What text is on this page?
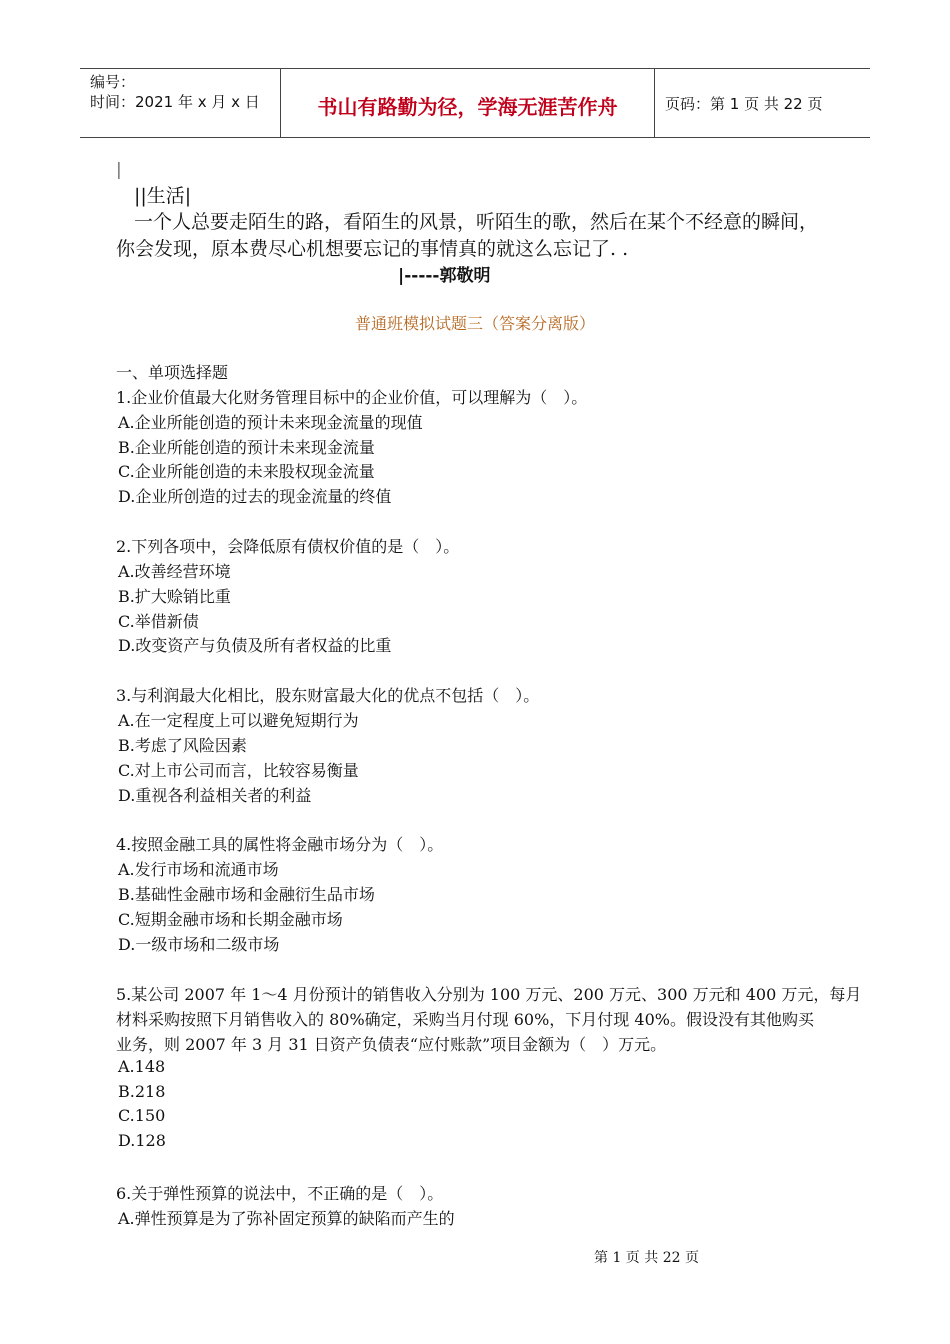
编号：
时间：2021 年 x 月 x 日	书山有路勤为径，学海无涯苦作舟	页码：第 1 页 共 22 页
|
||生活|
一个人总要走陌生的路，看陌生的风景，听陌生的歌，然后在某个不经意的瞬间，
你会发现，原本费尽心机想要忘记的事情真的就这么忘记了. .
|-----郭敬明
普通班模拟试题三（答案分离版）
一、单项选择题
1.企业价值最大化财务管理目标中的企业价值，可以理解为（　）。
A.企业所能创造的预计未来现金流量的现值
B.企业所能创造的预计未来现金流量
C.企业所能创造的未来股权现金流量
D.企业所创造的过去的现金流量的终值
2.下列各项中，会降低原有债权价值的是（　）。
A.改善经营环境
B.扩大赊销比重
C.举借新债
D.改变资产与负债及所有者权益的比重
3.与利润最大化相比，股东财富最大化的优点不包括（　）。
A.在一定程度上可以避免短期行为
B.考虑了风险因素
C.对上市公司而言，比较容易衡量
D.重视各利益相关者的利益
4.按照金融工具的属性将金融市场分为（　）。
A.发行市场和流通市场
B.基础性金融市场和金融衍生品市场
C.短期金融市场和长期金融市场
D.一级市场和二级市场
5.某公司 2007 年 1～4 月份预计的销售收入分别为 100 万元、200 万元、300 万元和 400 万元，每月
材料采购按照下月销售收入的 80%确定，采购当月付现 60%，下月付现 40%。假设没有其他购买
业务，则 2007 年 3 月 31 日资产负债表“应付账款”项目金额为（　）万元。
A.148
B.218
C.150
D.128
6.关于弹性预算的说法中，不正确的是（　）。
A.弹性预算是为了弥补固定预算的缺陷而产生的
第 1 页 共 22 页
